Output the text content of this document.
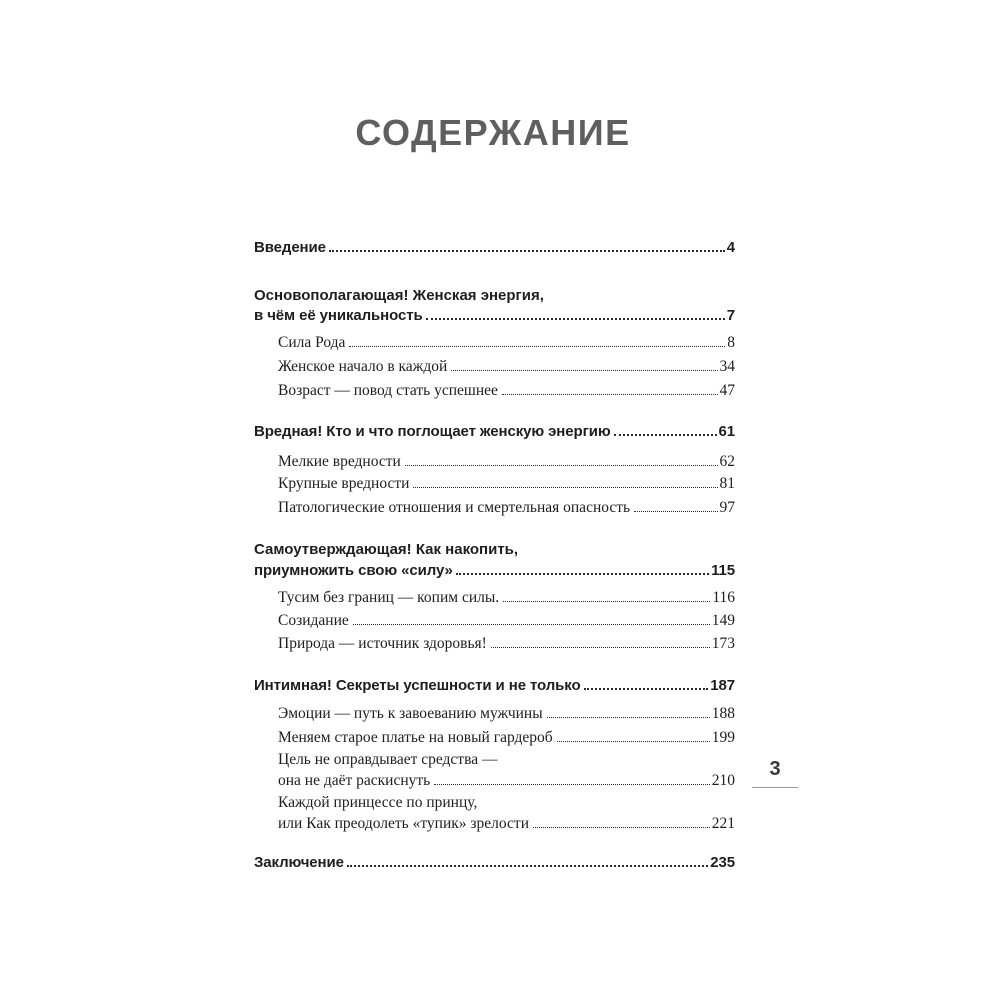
СОДЕРЖАНИЕ
Введение	4
Основополагающая! Женская энергия,
в чём её уникальность	7
Сила Рода	8
Женское начало в каждой	34
Возраст — повод стать успешнее	47
Вредная! Кто и что поглощает женскую энергию	61
Мелкие вредности	62
Крупные вредности	81
Патологические отношения и смертельная опасность	97
Самоутверждающая! Как накопить,
приумножить свою «силу»	115
Тусим без границ — копим силы.	116
Созидание	149
Природа — источник здоровья!	173
Интимная! Секреты успешности и не только	187
Эмоции — путь к завоеванию мужчины	188
Меняем старое платье на новый гардероб	199
Цель не оправдывает средства —
она не даёт раскиснуть	210
Каждой принцессе по принцу,
или Как преодолеть «тупик» зрелости	221
Заключение	235
3
